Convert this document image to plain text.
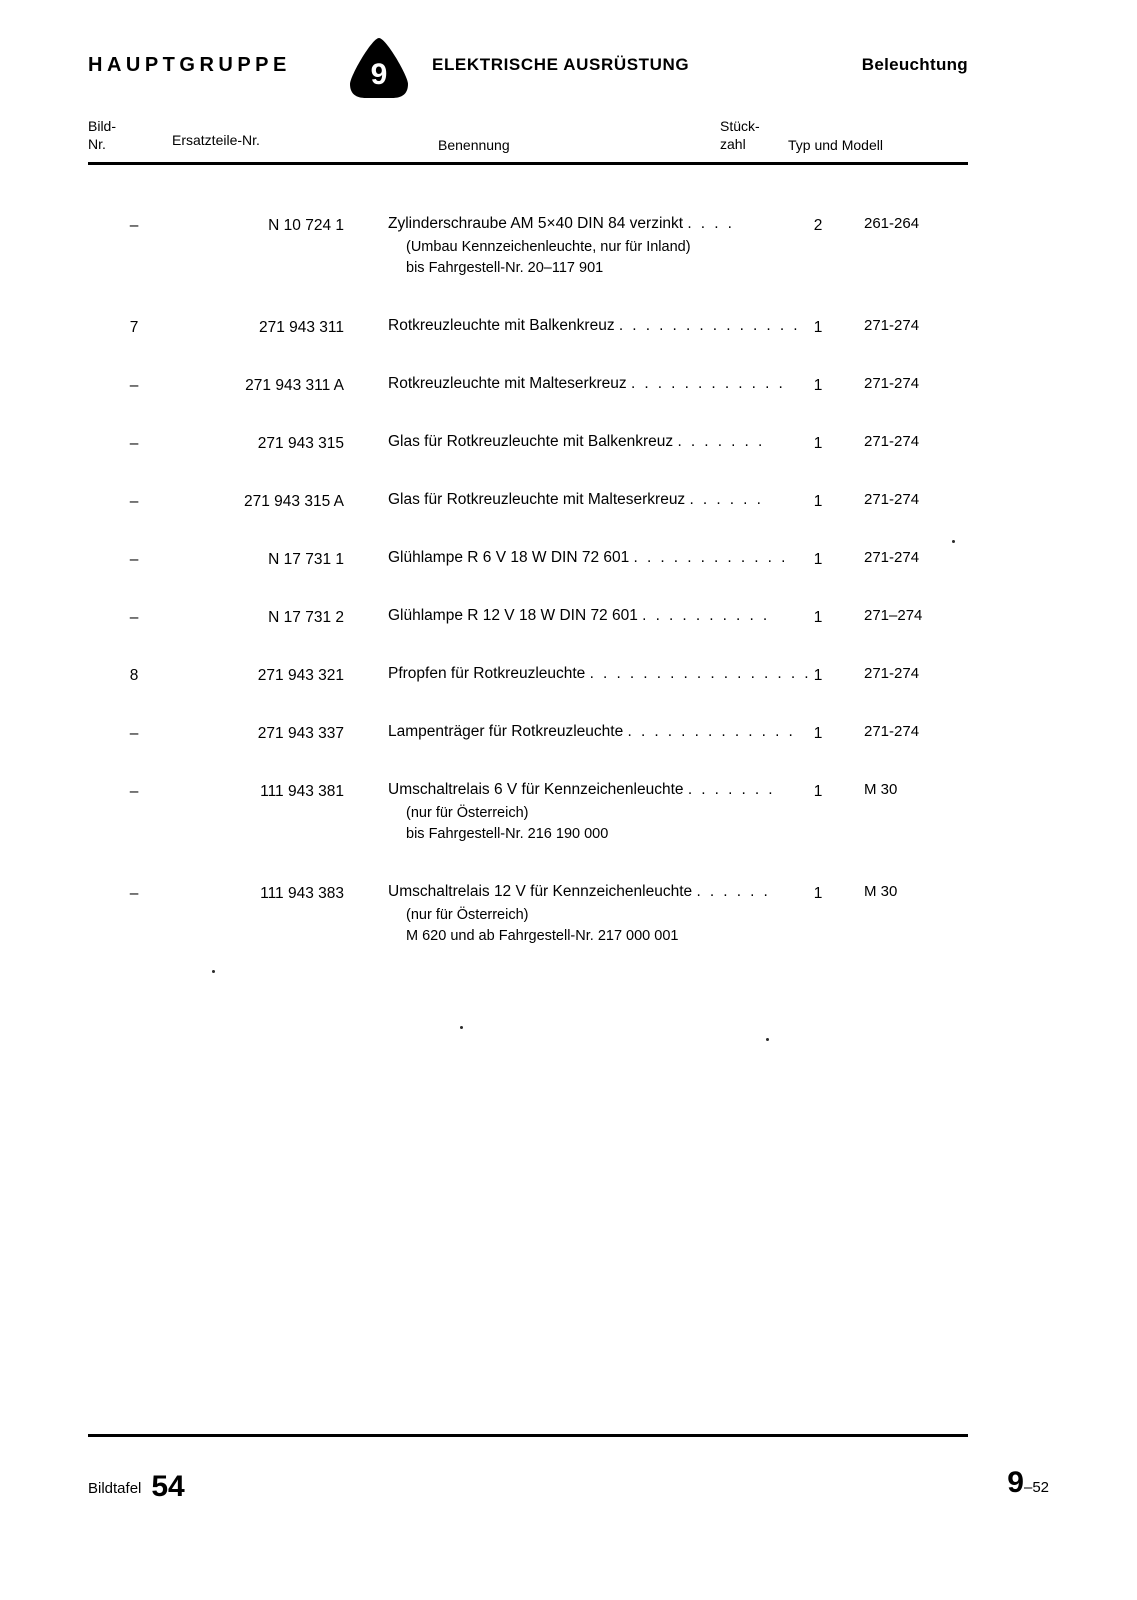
HAUPTGRUPPE	9	ELEKTRISCHE AUSRÜSTUNG	Beleuchtung
Bild-
Nr.	Ersatzteile-Nr.	Benennung
Stück-
zahl	Typ und Modell
–	N 10 724 1	Zylinderschraube AM 5×40 DIN 84 verzinkt . . . .
(Umbau Kennzeichenleuchte, nur für Inland)
bis Fahrgestell-Nr. 20–117 901
2	261-264
7	271 943 311	Rotkreuzleuchte mit Balkenkreuz . . . . . . . . . . . . . . 1	271-274
–	271 943 311 A	Rotkreuzleuchte mit Malteserkreuz . . . . . . . . . . . .	1	271-274
–	271 943 315	Glas für Rotkreuzleuchte mit Balkenkreuz . . . . . . .	1	271-274
–	271 943 315 A	Glas für Rotkreuzleuchte mit Malteserkreuz . . . . . .	1	271-274
–	N 17 731 1	Glühlampe R 6 V 18 W DIN 72 601 . . . . . . . . . . . .	1	271-274
–	N 17 731 2	Glühlampe R 12 V 18 W DIN 72 601 . . . . . . . . . .	1	271–274
8	271 943 321	Pfropfen für Rotkreuzleuchte . . . . . . . . . . . . . . . . . 1	271-274
–	271 943 337	Lampenträger für Rotkreuzleuchte . . . . . . . . . . . . .	1	271-274
–	111 943 381	Umschaltrelais 6 V für Kennzeichenleuchte . . . . . . .
(nur für Österreich)
bis Fahrgestell-Nr. 216 190 000
1	M 30
–	111 943 383	Umschaltrelais 12 V für Kennzeichenleuchte . . . . . .
(nur für Österreich)
M 620 und ab Fahrgestell-Nr. 217 000 001
1	M 30
Bildtafel 54	9–52
